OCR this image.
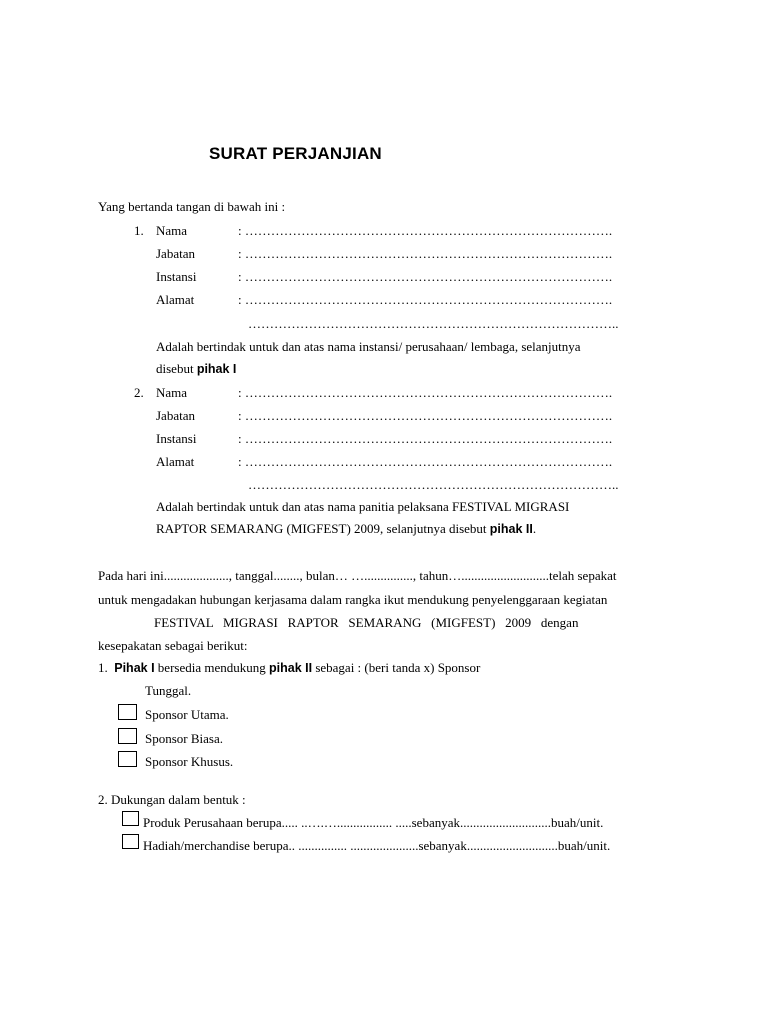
SURAT PERJANJIAN
Yang bertanda tangan di bawah ini :
1. Nama	: ………………………………………………………………………….
Jabatan	: ………………………………………………………………………….
Instansi	: ………………………………………………………………………….
Alamat	: ………………………………………………………………………….
…………………………………………………………………………..
Adalah bertindak untuk dan atas nama instansi/ perusahaan/ lembaga, selanjutnya
disebut pihak I
2. Nama	: ………………………………………………………………………….
Jabatan	: ………………………………………………………………………….
Instansi	: ………………………………………………………………………….
Alamat	: ………………………………………………………………………….
…………………………………………………………………………..
Adalah bertindak untuk dan atas nama panitia pelaksana FESTIVAL MIGRASI
RAPTOR SEMARANG (MIGFEST) 2009, selanjutnya disebut pihak II.
Pada hari ini...................., tanggal........, bulan… …..............., tahun…...........................telah sepakat
untuk mengadakan hubungan kerjasama dalam rangka ikut mendukung penyelenggaraan kegiatan
FESTIVAL   MIGRASI   RAPTOR   SEMARANG   (MIGFEST)   2009   dengan
kesepakatan sebagai berikut:
1. Pihak I bersedia mendukung pihak II sebagai : (beri tanda x) Sponsor
Tunggal.
Sponsor Utama.
Sponsor Biasa.
Sponsor Khusus.
2. Dukungan dalam bentuk :
Produk Perusahaan berupa..... ..….…................. .....sebanyak............................buah/unit.
Hadiah/merchandise berupa.. ............... .....................sebanyak............................buah/unit.
